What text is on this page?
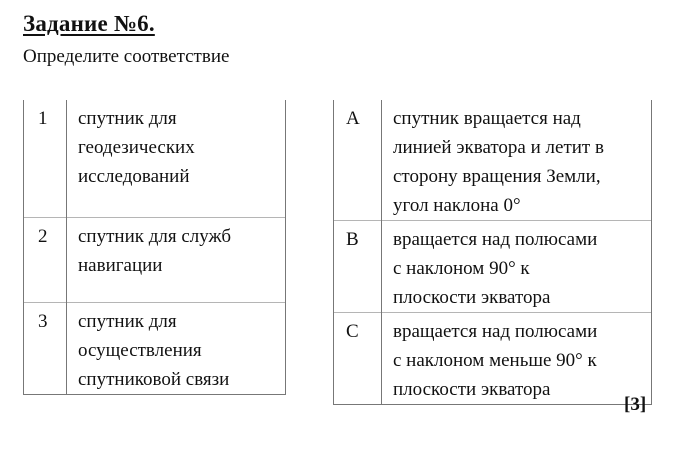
Задание №6.
Определите соответствие
1	спутник для
геодезических
исследований

2	спутник для служб
навигации

3	спутник для
осуществления
спутниковой связи
A	спутник вращается над
линией экватора и летит в
сторону вращения Земли,
угол наклона 0°

B	вращается над полюсами
с наклоном 90° к
плоскости экватора

C	вращается над полюсами
с наклоном меньше 90° к
плоскости экватора
[3]
